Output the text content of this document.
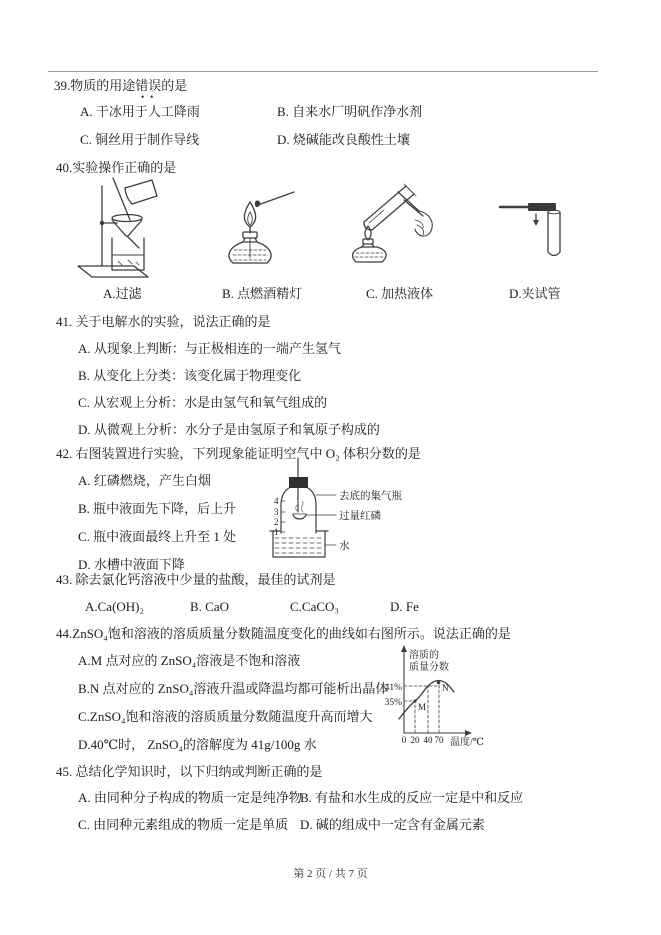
39.物质的用途错误的是
••
A. 干冰用于人工降雨	B. 自来水厂明矾作净水剂
C. 铜丝用于制作导线	D. 烧碱能改良酸性土壤
40.实验操作正确的是
A.过滤	B. 点燃酒精灯	C. 加热液体	D.夹试管
41. 关于电解水的实验，说法正确的是
A. 从现象上判断：与正极相连的一端产生氢气
B. 从变化上分类：该变化属于物理变化
C. 从宏观上分析：水是由氢气和氧气组成的
D. 从微观上分析：水分子是由氢原子和氧原子构成的
42. 右图装置进行实验，下列现象能证明空气中 O₂ 体积分数的是
A. 红磷燃烧，产生白烟
B. 瓶中液面先下降，后上升
C. 瓶中液面最终上升至 1 处
D. 水槽中液面下降
4
3
2
1
去底的集气瓶
过量红磷
水
43. 除去氯化钙溶液中少量的盐酸，最佳的试剂是
A.Ca(OH)₂	B. CaO	C.CaCO₃	D. Fe
44.ZnSO₄饱和溶液的溶质质量分数随温度变化的曲线如右图所示。说法正确的是
A.M 点对应的 ZnSO₄溶液是不饱和溶液
B.N 点对应的 ZnSO₄溶液升温或降温均都可能析出晶体
C.ZnSO₄饱和溶液的溶质质量分数随温度升高而增大
D.40℃时， ZnSO₄的溶解度为 41g/100g 水
溶质的
质量分数
41%
35% M
N
0 20 40 70 温度/℃
45. 总结化学知识时，以下归纳或判断正确的是
A. 由同种分子构成的物质一定是纯净物
B. 有盐和水生成的反应一定是中和反应
C. 由同种元素组成的物质一定是单质 D. 碱的组成中一定含有金属元素
第 2 页 / 共 7 页
